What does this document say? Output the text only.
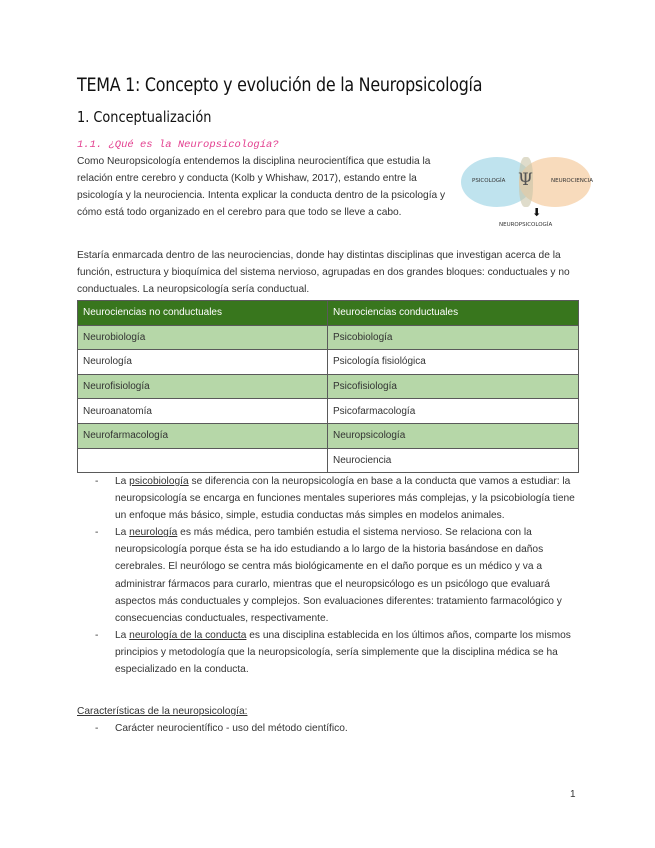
TEMA 1: Concepto y evolución de la Neuropsicología
1. Conceptualización
1.1. ¿Qué es la Neuropsicología?

Como Neuropsicología entendemos la disciplina neurocientífica que estudia la relación entre cerebro y conducta (Kolb y Whishaw, 2017), estando entre la psicología y la neurociencia. Intenta explicar la conducta dentro de la psicología y cómo está todo organizado en el cerebro para que todo se lleve a cabo.

PSICOLOGÍA	NEUROCIENCIA
Ψ
⬇
NEUROPSICOLOGÍA

Estaría enmarcada dentro de las neurociencias, donde hay distintas disciplinas que investigan acerca de la función, estructura y bioquímica del sistema nervioso, agrupadas en dos grandes bloques: conductuales y no conductuales. La neuropsicología sería conductual.

Neurociencias no conductuales	Neurociencias conductuales
Neurobiología	Psicobiología
Neurología	Psicología fisiológica
Neurofisiología	Psicofisiología
Neuroanatomía	Psicofarmacología
Neurofarmacología	Neuropsicología
	Neurociencia
- La psicobiología se diferencia con la neuropsicología en base a la conducta que vamos a estudiar: la neuropsicología se encarga en funciones mentales superiores más complejas, y la psicobiología tiene un enfoque más básico, simple, estudia conductas más simples en modelos animales.
- La neurología es más médica, pero también estudia el sistema nervioso. Se relaciona con la neuropsicología porque ésta se ha ido estudiando a lo largo de la historia basándose en daños cerebrales. El neurólogo se centra más biológicamente en el daño porque es un médico y va a administrar fármacos para curarlo, mientras que el neuropsicólogo es un psicólogo que evaluará aspectos más conductuales y complejos. Son evaluaciones diferentes: tratamiento farmacológico y consecuencias conductuales, respectivamente.
- La neurología de la conducta es una disciplina establecida en los últimos años, comparte los mismos principios y metodología que la neuropsicología, sería simplemente que la disciplina médica se ha especializado en la conducta.
Características de la neuropsicología:
- Carácter neurocientífico - uso del método científico.
1
